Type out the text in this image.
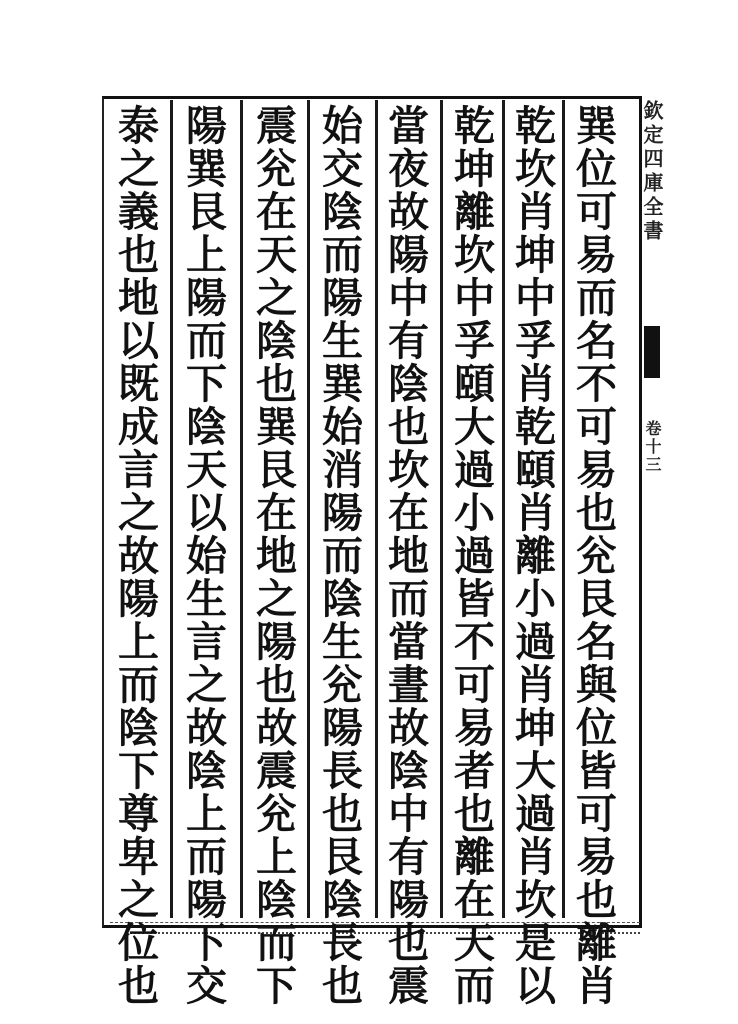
巽位可易而名不可易也兊艮名與位皆可易也離肖
乾坎肖坤中孚肖乾頤肖離小過肖坤大過肖坎是以
乾坤離坎中孚頤大過小過皆不可易者也離在天而
當夜故陽中有陰也坎在地而當晝故陰中有陽也震
始交陰而陽生巽始消陽而陰生兊陽長也艮陰長也
震兊在天之陰也巽艮在地之陽也故震兊上陰而下
陽巽艮上陽而下陰天以始生言之故陰上而陽下交
泰之義也地以既成言之故陽上而陰下尊卑之位也	欽定四庫全書
卷十三
